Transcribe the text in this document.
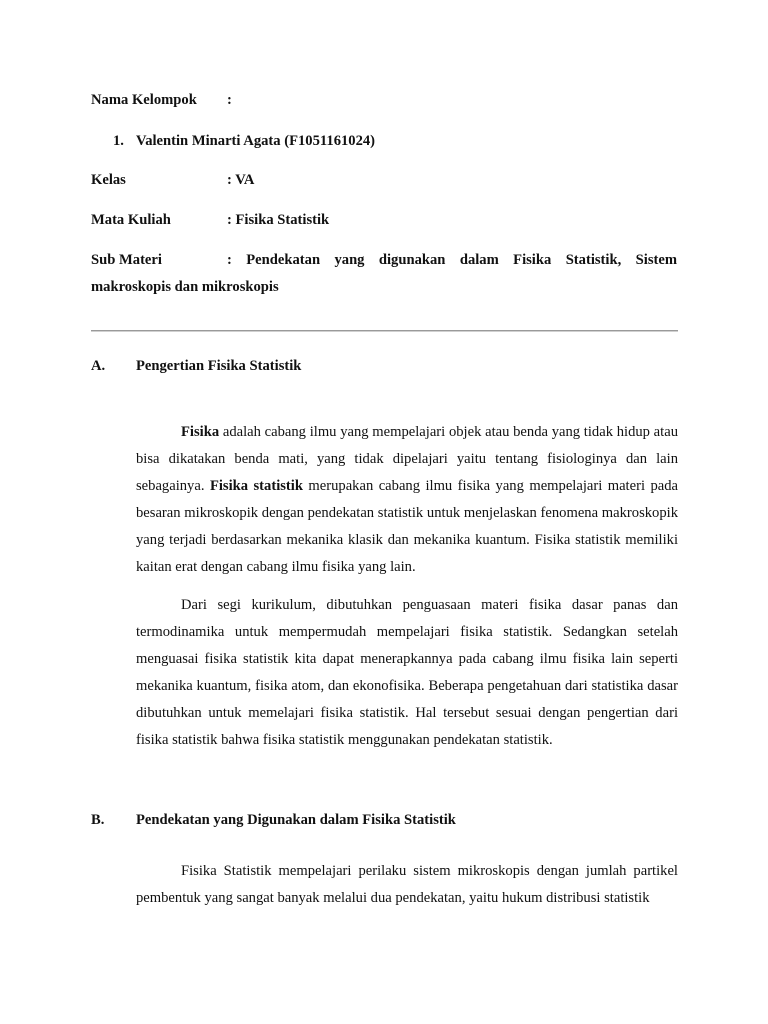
Nama Kelompok :
1. Valentin Minarti Agata (F1051161024)
Kelas	: VA
Mata Kuliah	: Fisika Statistik
Sub Materi	: Pendekatan yang digunakan dalam Fisika Statistik, Sistem
makroskopis dan mikroskopis
A. Pengertian Fisika Statistik

Fisika adalah cabang ilmu yang mempelajari objek atau benda yang tidak hidup atau bisa dikatakan benda mati, yang tidak dipelajari yaitu tentang fisiologinya dan lain sebagainya. Fisika statistik merupakan cabang ilmu fisika yang mempelajari materi pada besaran mikroskopik dengan pendekatan statistik untuk menjelaskan fenomena makroskopik yang terjadi berdasarkan mekanika klasik dan mekanika kuantum. Fisika statistik memiliki kaitan erat dengan cabang ilmu fisika yang lain.

Dari segi kurikulum, dibutuhkan penguasaan materi fisika dasar panas dan termodinamika untuk mempermudah mempelajari fisika statistik. Sedangkan setelah menguasai fisika statistik kita dapat menerapkannya pada cabang ilmu fisika lain seperti mekanika kuantum, fisika atom, dan ekonofisika. Beberapa pengetahuan dari statistika dasar dibutuhkan untuk memelajari fisika statistik. Hal tersebut sesuai dengan pengertian dari fisika statistik bahwa fisika statistik menggunakan pendekatan statistik.

B. Pendekatan yang Digunakan dalam Fisika Statistik

Fisika Statistik mempelajari perilaku sistem mikroskopis dengan jumlah partikel pembentuk yang sangat banyak melalui dua pendekatan, yaitu hukum distribusi statistik
